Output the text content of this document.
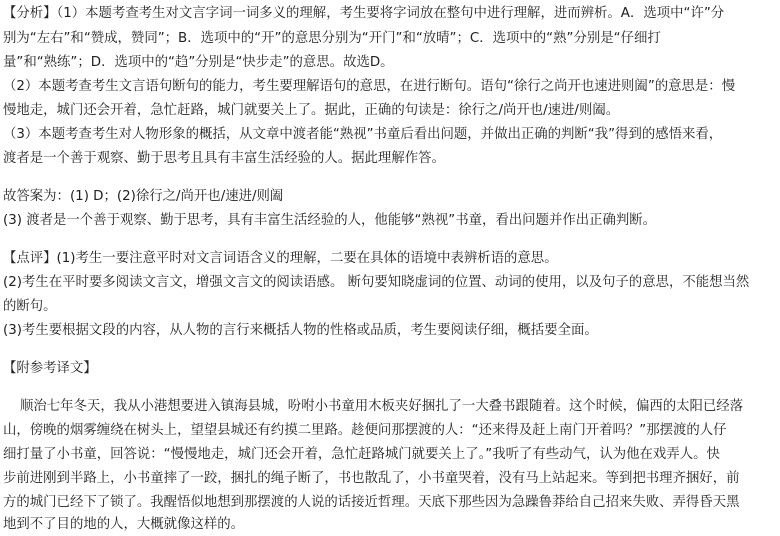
【分析】（1）本题考查考生对文言字词一词多义的理解，考生要将字词放在整句中进行理解，进而辨析。A．选项中“许”分
别为“左右”和“赞成，赞同”；B．选项中的“开”的意思分别为“开门”和“放晴”；C．选项中的“熟”分别是“仔细打
量”和“熟练”；D．选项中的“趋”分别是“快步走”的意思。故选D。
（2）本题考查考生文言语句断句的能力，考生要理解语句的意思，在进行断句。语句“徐行之尚开也速进则阖”的意思是：慢
慢地走，城门还会开着，急忙赶路，城门就要关上了。据此，正确的句读是：徐行之/尚开也/速进/则阖。
（3）本题考查考生对人物形象的概括，从文章中渡者能“熟视”书童后看出问题，并做出正确的判断“我”得到的感悟来看，
渡者是一个善于观察、勤于思考且具有丰富生活经验的人。据此理解作答。
故答案为：(1) D；(2)徐行之/尚开也/速进/则阖
(3) 渡者是一个善于观察、勤于思考，具有丰富生活经验的人，他能够“熟视”书童，看出问题并作出正确判断。
【点评】(1)考生一要注意平时对文言词语含义的理解，二要在具体的语境中表辨析语的意思。
(2)考生在平时要多阅读文言文，增强文言文的阅读语感。 断句要知晓虚词的位置、动词的使用，以及句子的意思，不能想当然
的断句。
(3)考生要根据文段的内容，从人物的言行来概括人物的性格或品质，考生要阅读仔细，概括要全面。
【附参考译文】
顺治七年冬天，我从小港想要进入镇海县城，吩咐小书童用木板夹好捆扎了一大叠书跟随着。这个时候，偏西的太阳已经落
山，傍晚的烟雾缠绕在树头上，望望县城还有约摸二里路。趁便问那摆渡的人：“还来得及赶上南门开着吗？”那摆渡的人仔
细打量了小书童，回答说：“慢慢地走，城门还会开着，急忙赶路城门就要关上了。”我听了有些动气，认为他在戏弄人。快
步前进刚到半路上，小书童摔了一跤，捆扎的绳子断了，书也散乱了，小书童哭着，没有马上站起来。等到把书理齐捆好，前
方的城门已经下了锁了。我醒悟似地想到那摆渡的人说的话接近哲理。天底下那些因为急躁鲁莽给自己招来失败、弄得昏天黑
地到不了目的地的人，大概就像这样的。
